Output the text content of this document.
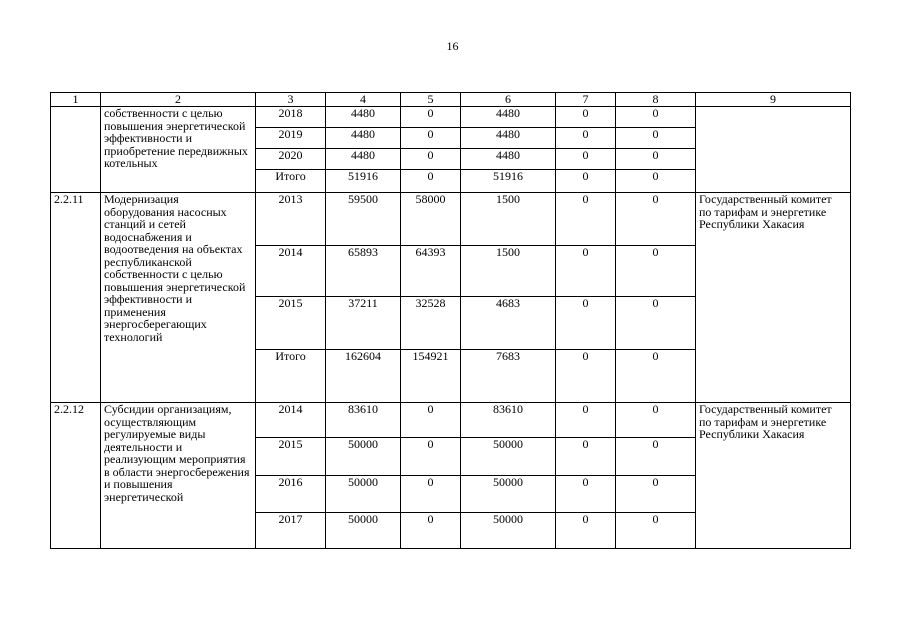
16
1	2	3	4	5	6	7	8	9
	собственности с целью повышения энергетической эффективности и приобретение передвижных котельных	2018	4480	0	4480	0	0	
		2019	4480	0	4480	0	0	
		2020	4480	0	4480	0	0	
		Итого	51916	0	51916	0	0	
2.2.11	Модернизация оборудования насосных станций и сетей водоснабжения и водоотведения на объектах республиканской собственности с целью повышения энергетической эффективности и применения энергосберегающих технологий	2013	59500	58000	1500	0	0	Государственный комитет по тарифам и энергетике Республики Хакасия
		2014	65893	64393	1500	0	0	
		2015	37211	32528	4683	0	0	
		Итого	162604	154921	7683	0	0	
2.2.12	Субсидии организациям, осуществляющим регулируемые виды деятельности и реализующим мероприятия в области энергосбережения и повышения энергетической	2014	83610	0	83610	0	0	Государственный комитет по тарифам и энергетике Республики Хакасия
		2015	50000	0	50000	0	0	
		2016	50000	0	50000	0	0	
		2017	50000	0	50000	0	0	
